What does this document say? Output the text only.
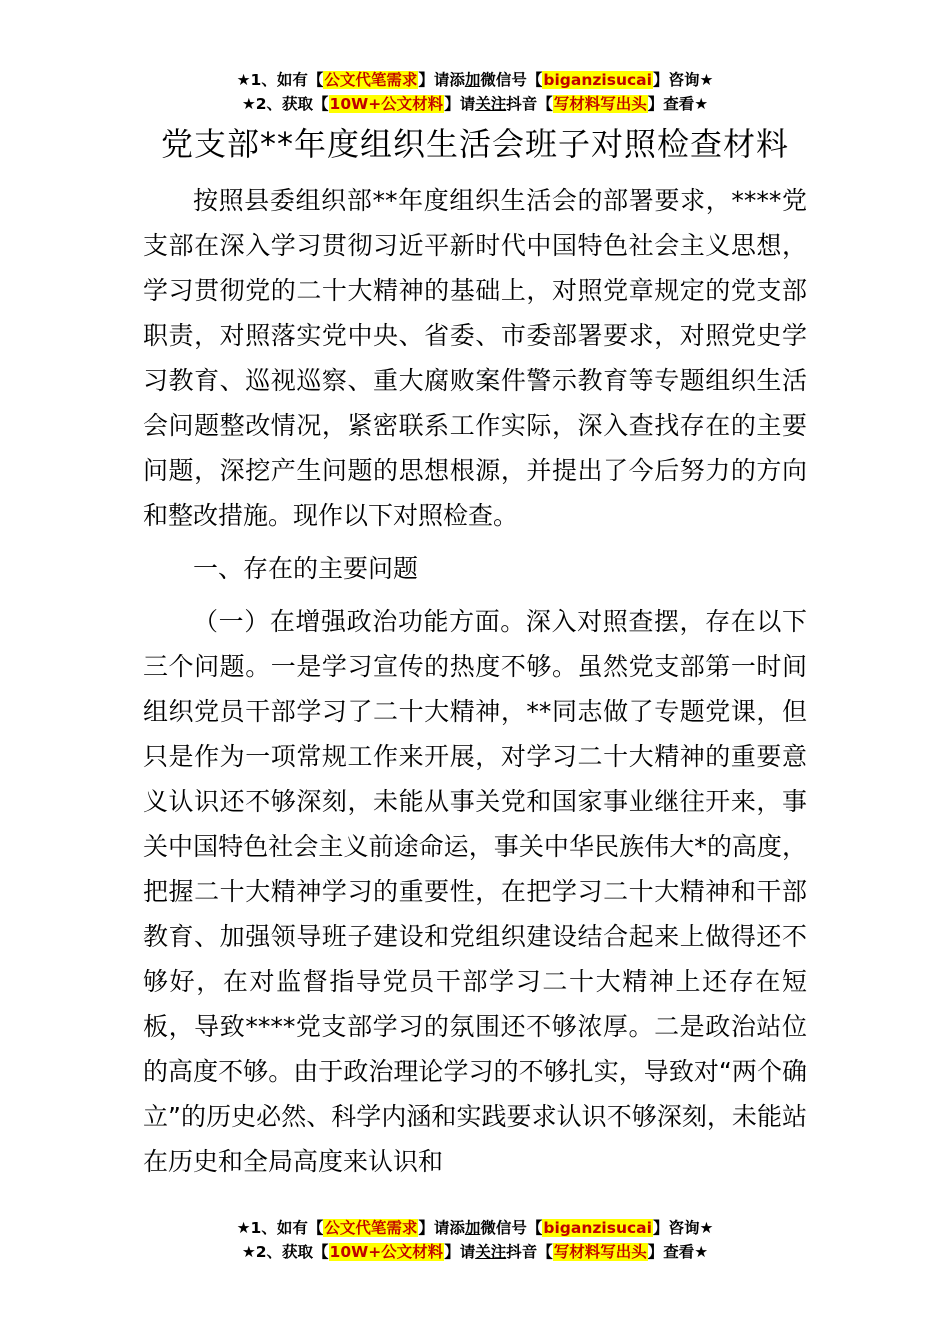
★1、如有【公文代笔需求】请添加微信号【biganzisucai】咨询★
★2、获取【10W+公文材料】请关注抖音【写材料写出头】查看★
党支部**年度组织生活会班子对照检查材料

按照县委组织部**年度组织生活会的部署要求，****党支部在深入学习贯彻习近平新时代中国特色社会主义思想，学习贯彻党的二十大精神的基础上，对照党章规定的党支部职责，对照落实党中央、省委、市委部署要求，对照党史学习教育、巡视巡察、重大腐败案件警示教育等专题组织生活会问题整改情况，紧密联系工作实际，深入查找存在的主要问题，深挖产生问题的思想根源，并提出了今后努力的方向和整改措施。现作以下对照检查。

一、存在的主要问题

（一）在增强政治功能方面。深入对照查摆，存在以下三个问题。一是学习宣传的热度不够。虽然党支部第一时间组织党员干部学习了二十大精神，**同志做了专题党课，但只是作为一项常规工作来开展，对学习二十大精神的重要意义认识还不够深刻，未能从事关党和国家事业继往开来，事关中国特色社会主义前途命运，事关中华民族伟大*的高度，把握二十大精神学习的重要性，在把学习二十大精神和干部教育、加强领导班子建设和党组织建设结合起来上做得还不够好，在对监督指导党员干部学习二十大精神上还存在短板，导致****党支部学习的氛围还不够浓厚。二是政治站位的高度不够。由于政治理论学习的不够扎实，导致对“两个确立”的历史必然、科学内涵和实践要求认识不够深刻，未能站在历史和全局高度来认识和

★1、如有【公文代笔需求】请添加微信号【biganzisucai】咨询★
★2、获取【10W+公文材料】请关注抖音【写材料写出头】查看★
